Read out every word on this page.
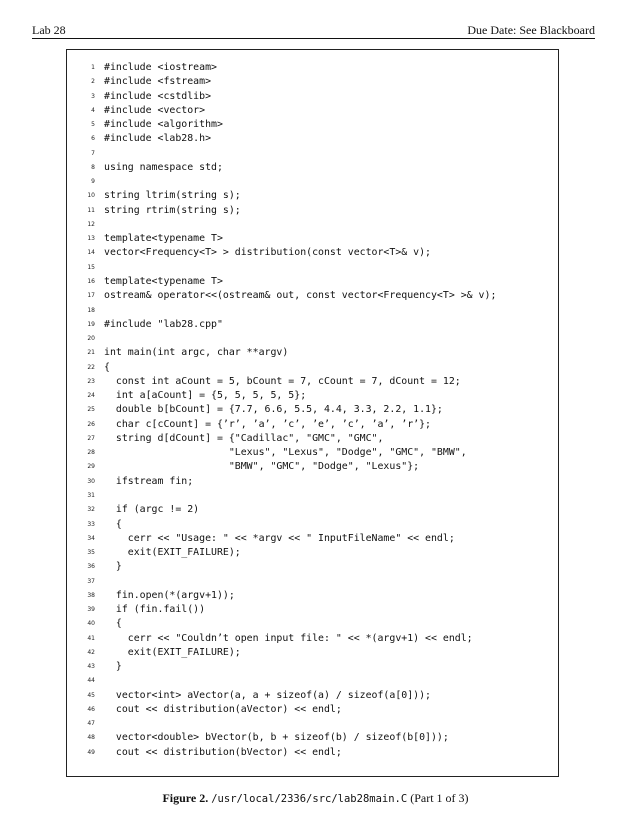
Lab 28	Due Date: See Blackboard
1 #include <iostream>
2 #include <fstream>
3 #include <cstdlib>
4 #include <vector>
5 #include <algorithm>
6 #include <lab28.h>
7
8 using namespace std;
9
10 string ltrim(string s);
11 string rtrim(string s);
12
13 template<typename T>
14 vector<Frequency<T> > distribution(const vector<T>& v);
15
16 template<typename T>
17 ostream& operator<<(ostream& out, const vector<Frequency<T> >& v);
18
19 #include "lab28.cpp"
20
21 int main(int argc, char **argv)
22 {
23 const int aCount = 5, bCount = 7, cCount = 7, dCount = 12;
24 int a[aCount] = {5, 5, 5, 5, 5};
25 double b[bCount] = {7.7, 6.6, 5.5, 4.4, 3.3, 2.2, 1.1};
26 char c[cCount] = {’r’, ’a’, ’c’, ’e’, ’c’, ’a’, ’r’};
27 string d[dCount] = {"Cadillac", "GMC", "GMC",
28 "Lexus", "Lexus", "Dodge", "GMC", "BMW",
29 "BMW", "GMC", "Dodge", "Lexus"};
30 ifstream fin;
31
32 if (argc != 2)
33 {
34 cerr << "Usage: " << *argv << " InputFileName" << endl;
35 exit(EXIT_FAILURE);
36 }
37
38 fin.open(*(argv+1));
39 if (fin.fail())
40 {
41 cerr << "Couldn’t open input file: " << *(argv+1) << endl;
42 exit(EXIT_FAILURE);
43 }
44
45 vector<int> aVector(a, a + sizeof(a) / sizeof(a[0]));
46 cout << distribution(aVector) << endl;
47
48 vector<double> bVector(b, b + sizeof(b) / sizeof(b[0]));
49 cout << distribution(bVector) << endl;
Figure 2. /usr/local/2336/src/lab28main.C (Part 1 of 3)
